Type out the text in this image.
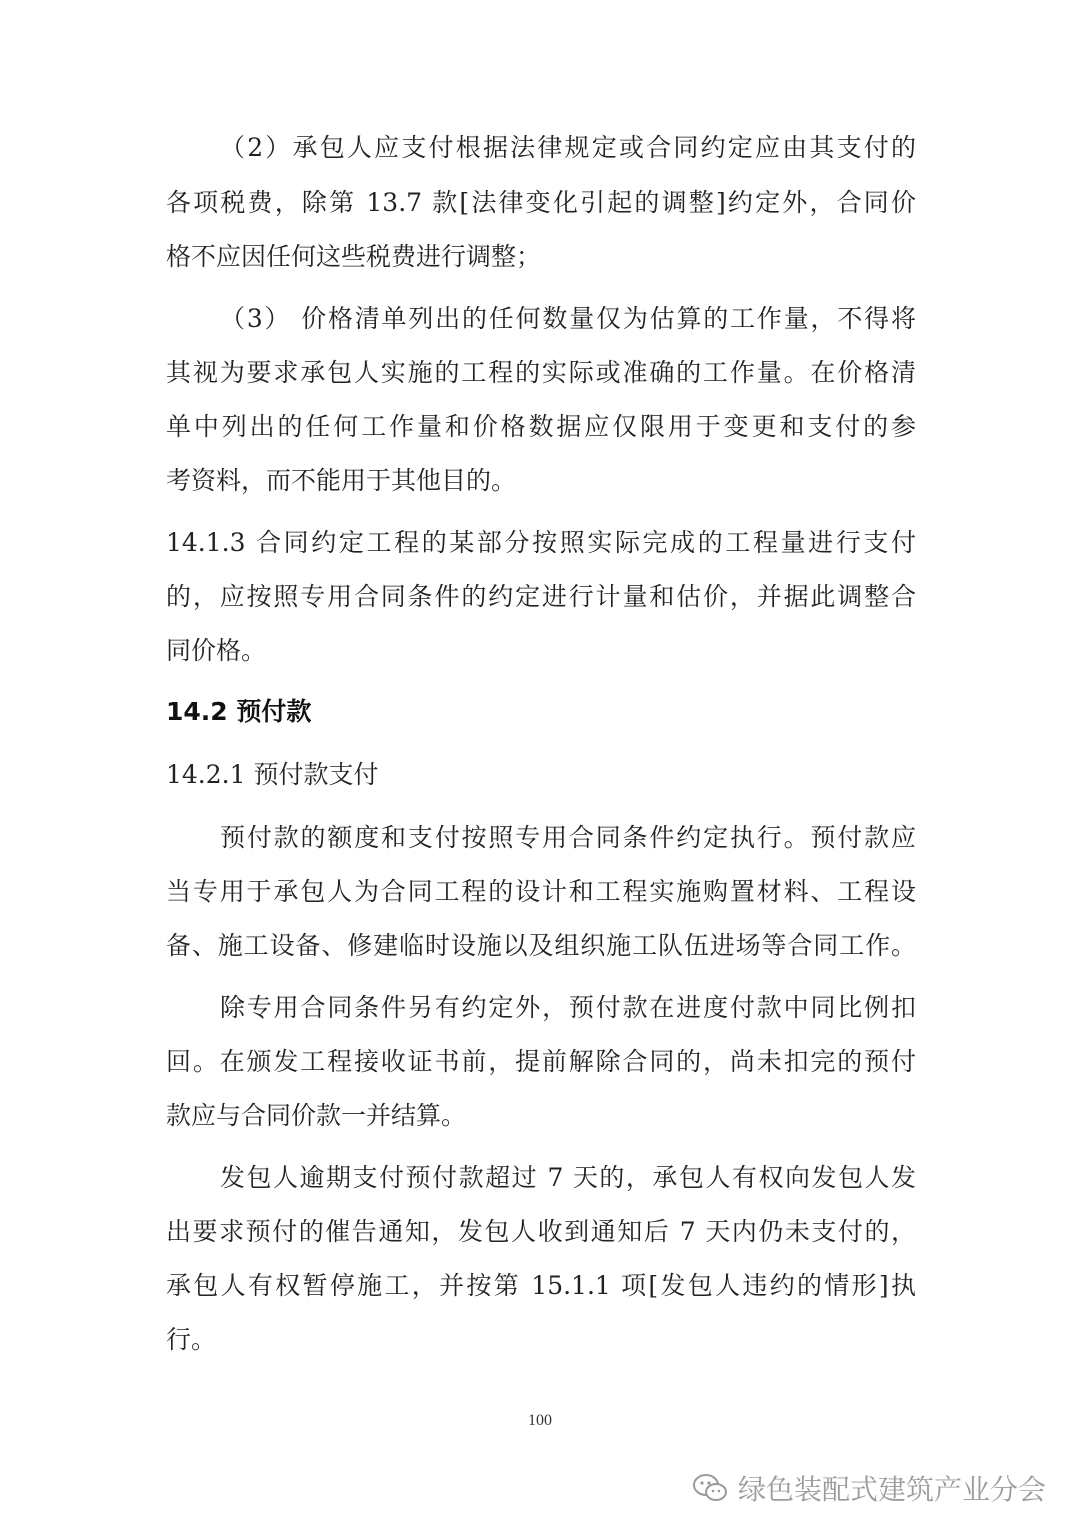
（2）承包人应支付根据法律规定或合同约定应由其支付的

各项税费，除第 13.7 款[法律变化引起的调整]约定外，合同价

格不应因任何这些税费进行调整；

（3） 价格清单列出的任何数量仅为估算的工作量，不得将

其视为要求承包人实施的工程的实际或准确的工作量。在价格清

单中列出的任何工作量和价格数据应仅限用于变更和支付的参

考资料，而不能用于其他目的。

14.1.3 合同约定工程的某部分按照实际完成的工程量进行支付

的，应按照专用合同条件的约定进行计量和估价，并据此调整合

同价格。

14.2 预付款
14.2.1 预付款支付

预付款的额度和支付按照专用合同条件约定执行。预付款应

当专用于承包人为合同工程的设计和工程实施购置材料、工程设

备、施工设备、修建临时设施以及组织施工队伍进场等合同工作。

除专用合同条件另有约定外，预付款在进度付款中同比例扣

回。在颁发工程接收证书前，提前解除合同的，尚未扣完的预付

款应与合同价款一并结算。

发包人逾期支付预付款超过 7 天的，承包人有权向发包人发

出要求预付的催告通知，发包人收到通知后 7 天内仍未支付的，

承包人有权暂停施工，并按第 15.1.1 项[发包人违约的情形]执

行。

100
绿色装配式建筑产业分会
